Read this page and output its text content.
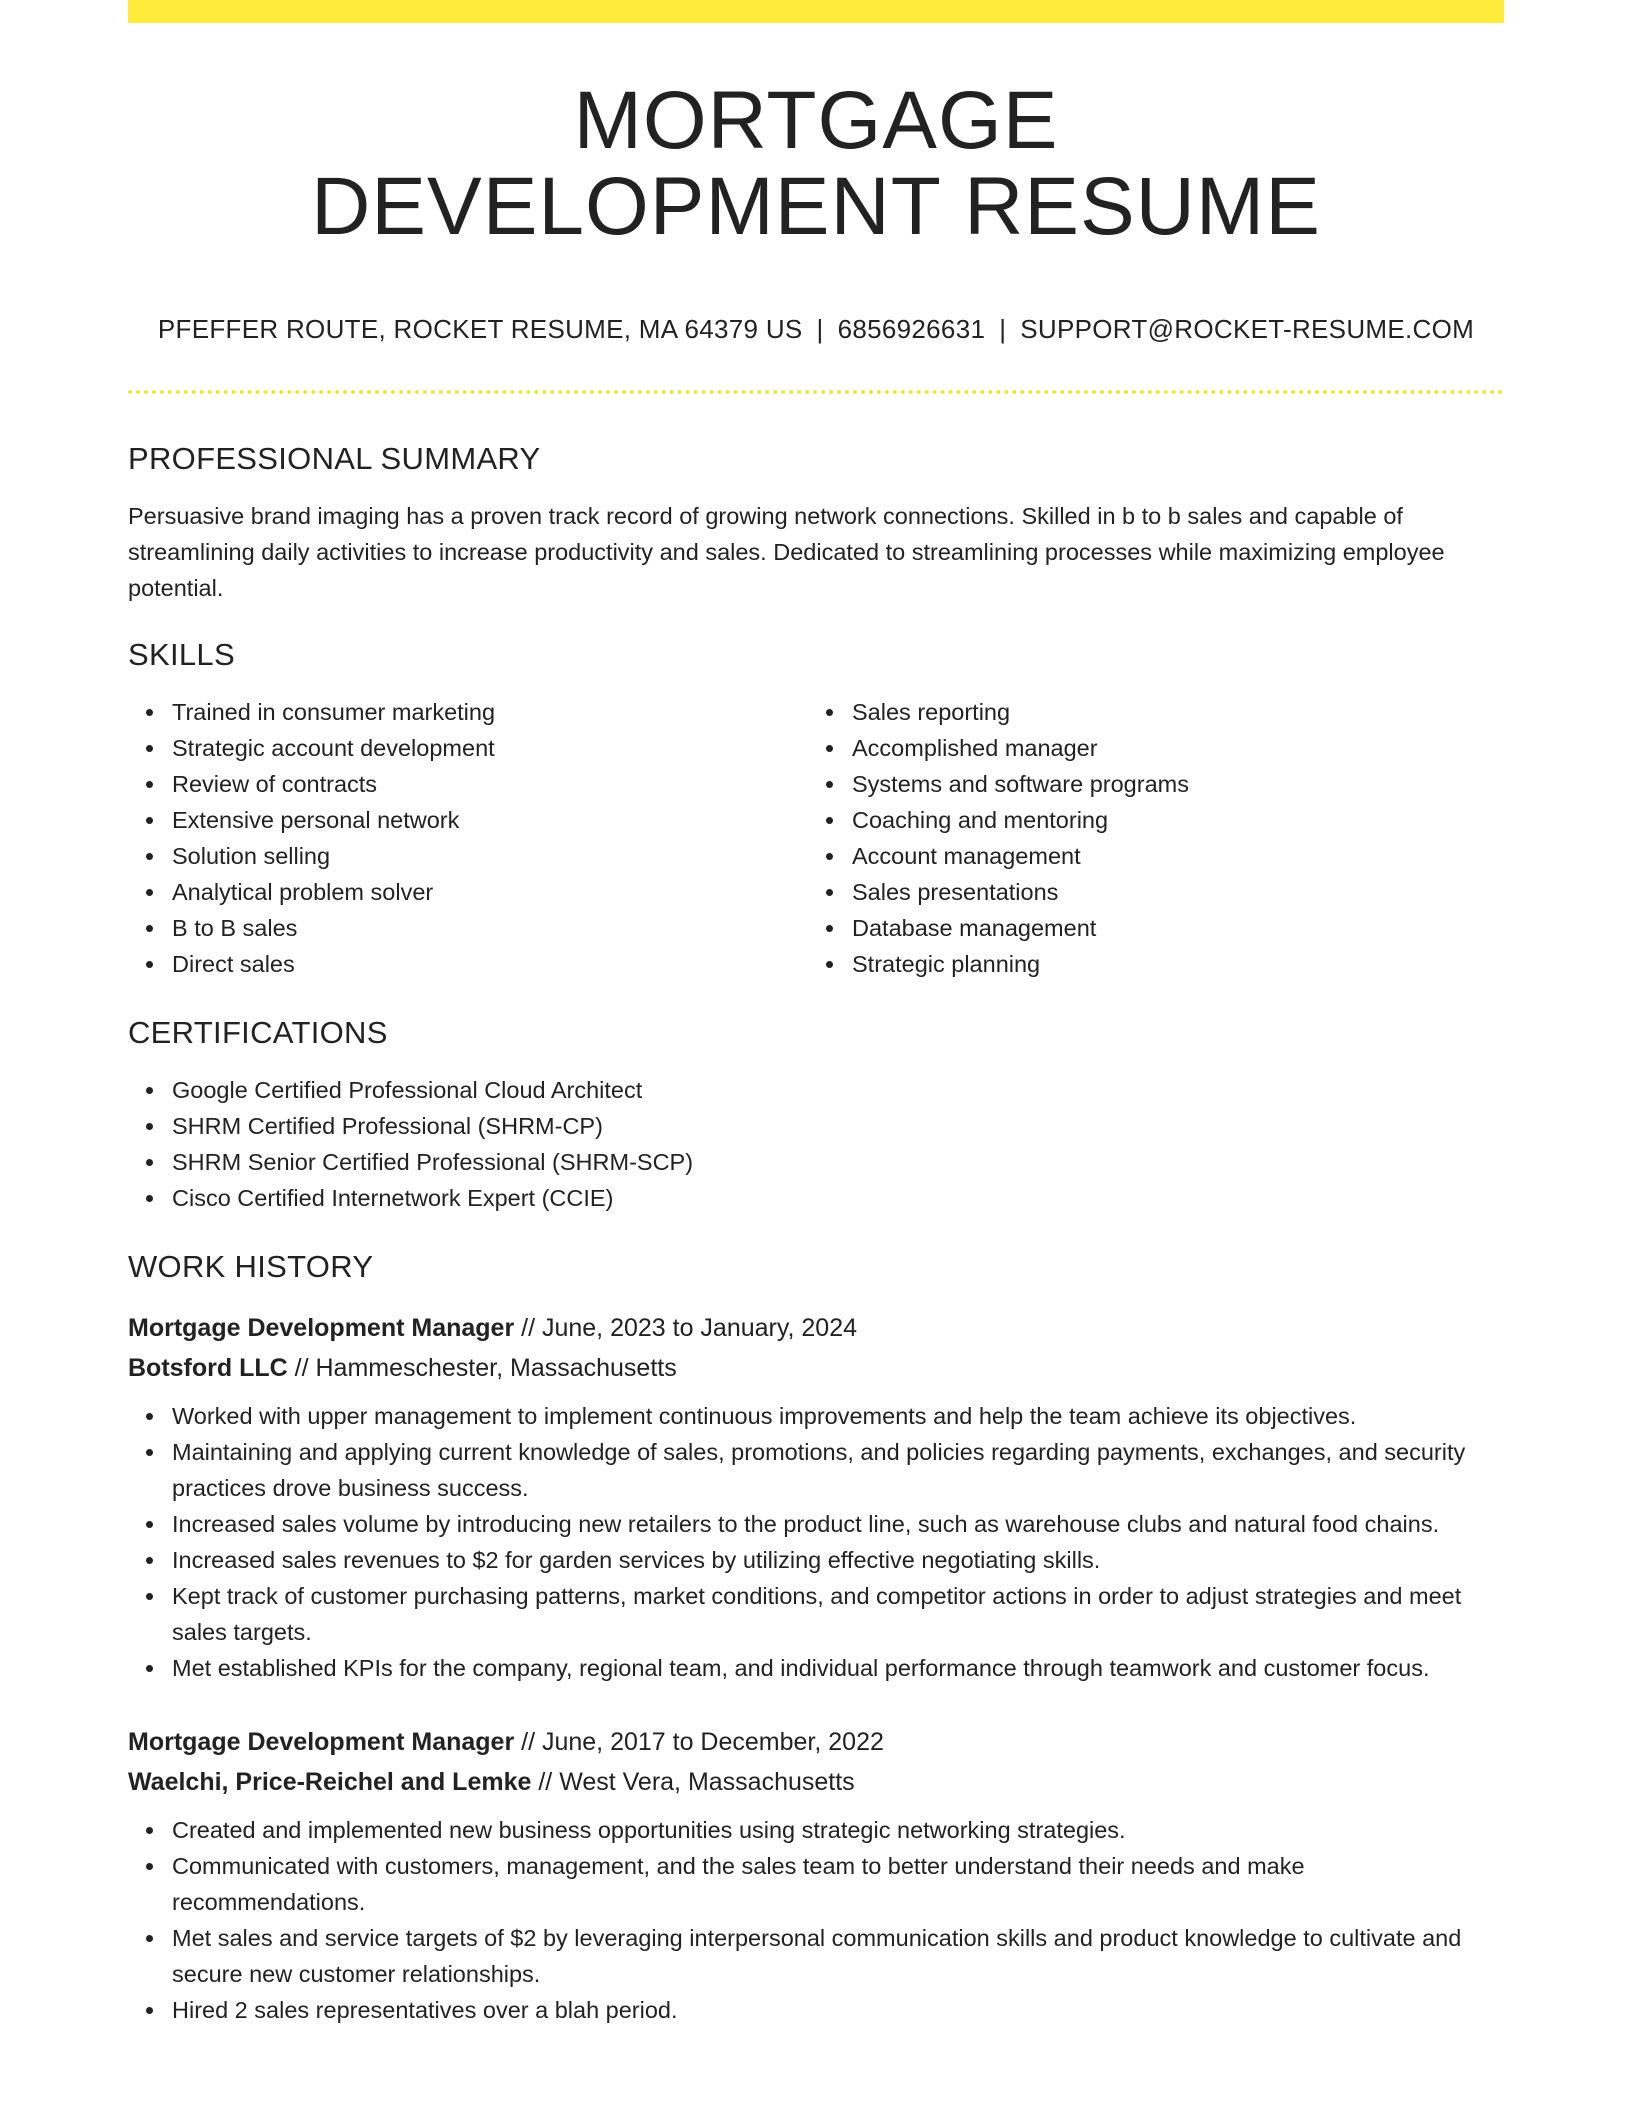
MORTGAGE
DEVELOPMENT RESUME
PFEFFER ROUTE, ROCKET RESUME, MA 64379 US | 6856926631 | SUPPORT@ROCKET-RESUME.COM
PROFESSIONAL SUMMARY

Persuasive brand imaging has a proven track record of growing network connections. Skilled in b to b sales and capable of streamlining daily activities to increase productivity and sales. Dedicated to streamlining processes while maximizing employee potential.

SKILLS
Trained in consumer marketing
Strategic account development
Review of contracts
Extensive personal network
Solution selling
Analytical problem solver
B to B sales
Direct sales
Sales reporting
Accomplished manager
Systems and software programs
Coaching and mentoring
Account management
Sales presentations
Database management
Strategic planning
CERTIFICATIONS
Google Certified Professional Cloud Architect
SHRM Certified Professional (SHRM-CP)
SHRM Senior Certified Professional (SHRM-SCP)
Cisco Certified Internetwork Expert (CCIE)
WORK HISTORY
Mortgage Development Manager // June, 2023 to January, 2024
Botsford LLC // Hammeschester, Massachusetts
Worked with upper management to implement continuous improvements and help the team achieve its objectives.
Maintaining and applying current knowledge of sales, promotions, and policies regarding payments, exchanges, and security practices drove business success.
Increased sales volume by introducing new retailers to the product line, such as warehouse clubs and natural food chains.
Increased sales revenues to $2 for garden services by utilizing effective negotiating skills.
Kept track of customer purchasing patterns, market conditions, and competitor actions in order to adjust strategies and meet sales targets.
Met established KPIs for the company, regional team, and individual performance through teamwork and customer focus.
Mortgage Development Manager // June, 2017 to December, 2022
Waelchi, Price-Reichel and Lemke // West Vera, Massachusetts
Created and implemented new business opportunities using strategic networking strategies.
Communicated with customers, management, and the sales team to better understand their needs and make recommendations.
Met sales and service targets of $2 by leveraging interpersonal communication skills and product knowledge to cultivate and secure new customer relationships.
Hired 2 sales representatives over a blah period.
